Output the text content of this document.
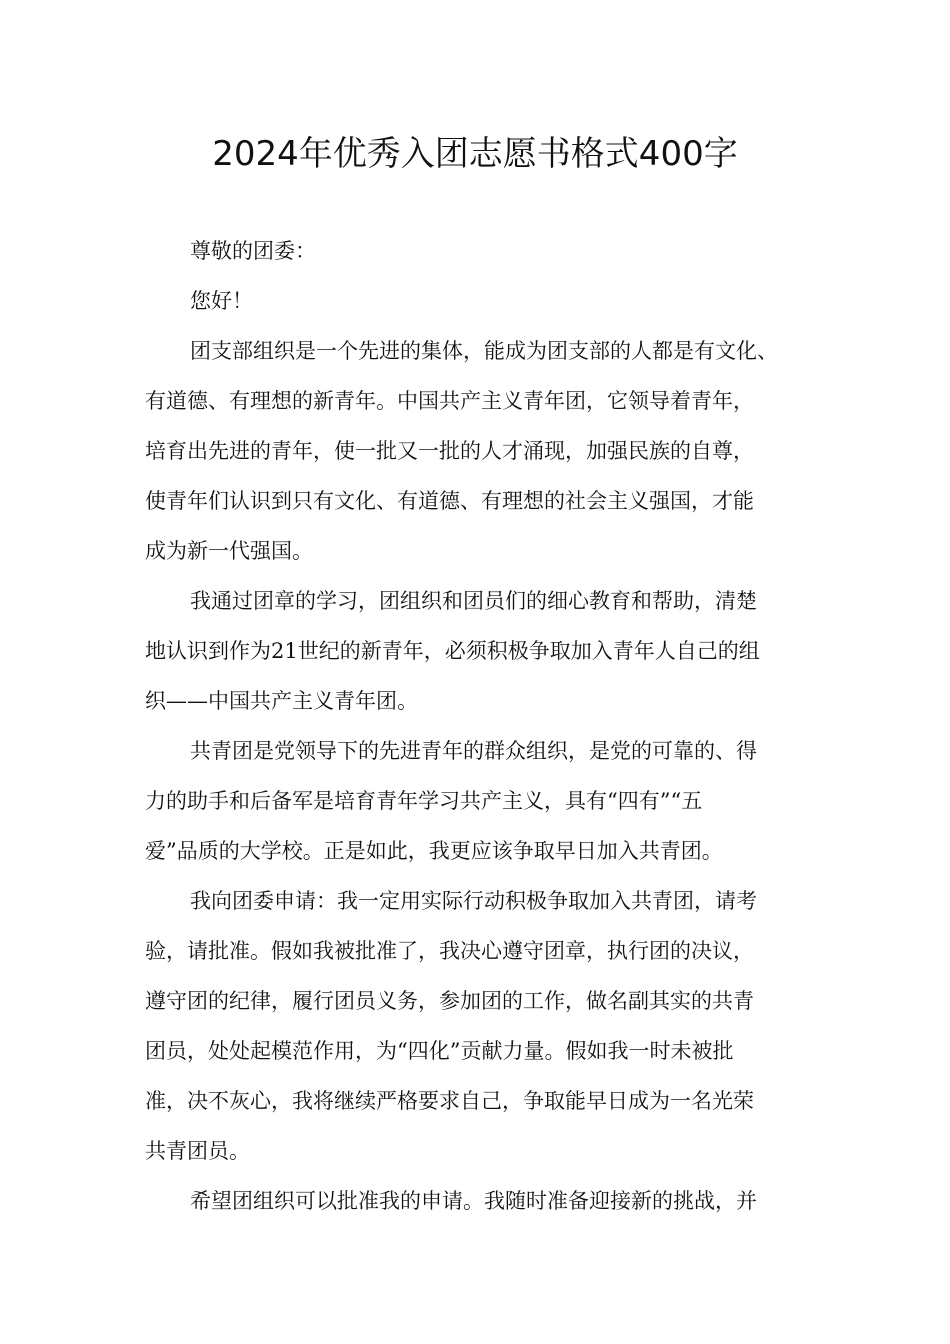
2024年优秀入团志愿书格式400字

尊敬的团委：

您好！

团支部组织是一个先进的集体，能成为团支部的人都是有文化、
有道德、有理想的新青年。中国共产主义青年团，它领导着青年，
培育出先进的青年，使一批又一批的人才涌现，加强民族的自尊，
使青年们认识到只有文化、有道德、有理想的社会主义强国，才能
成为新一代强国。

我通过团章的学习，团组织和团员们的细心教育和帮助，清楚
地认识到作为21世纪的新青年，必须积极争取加入青年人自己的组
织——中国共产主义青年团。

共青团是党领导下的先进青年的群众组织，是党的可靠的、得
力的助手和后备军是培育青年学习共产主义，具有“四有”“五
爱”品质的大学校。正是如此，我更应该争取早日加入共青团。

我向团委申请：我一定用实际行动积极争取加入共青团，请考
验，请批准。假如我被批准了，我决心遵守团章，执行团的决议，
遵守团的纪律，履行团员义务，参加团的工作，做名副其实的共青
团员，处处起模范作用，为“四化”贡献力量。假如我一时未被批
准，决不灰心，我将继续严格要求自己，争取能早日成为一名光荣
共青团员。

希望团组织可以批准我的申请。我随时准备迎接新的挑战，并
